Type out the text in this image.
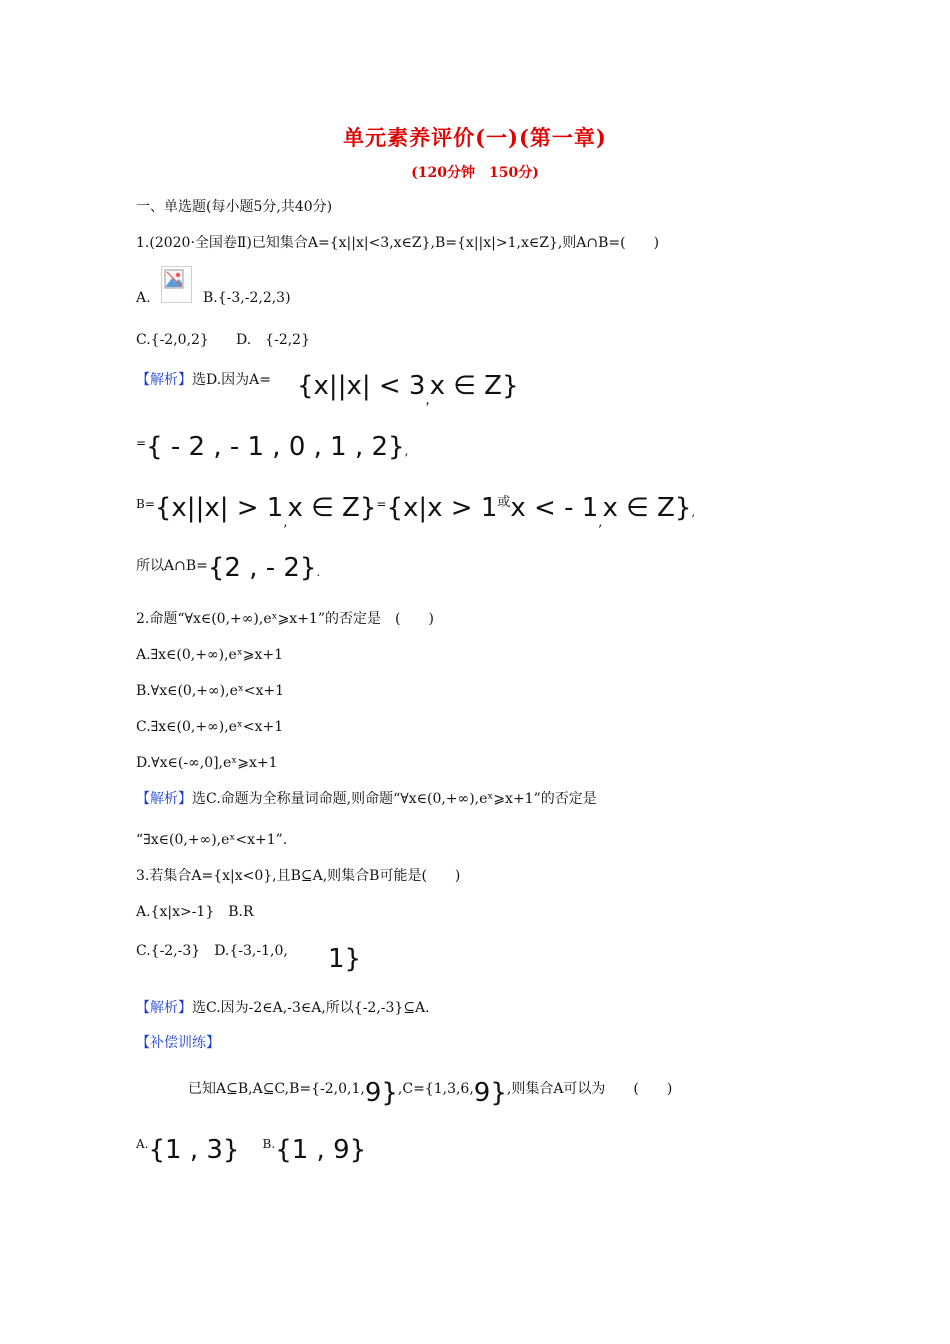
单元素养评价(一)(第一章)
(120分钟　150分)
一、单选题(每小题5分,共40分)
1.(2020·全国卷Ⅱ)已知集合A={x||x|<3,x∈Z},B={x||x|>1,x∈Z},则A∩B=(　　)
A.	B.{-3,-2,2,3)
C.{-2,0,2} D.　{-2,2}
【解析】选D.因为$A= \{x||x| < 3_,x$ ∈ Z}
={ - 2 , - 1 , 0 , 1 , 2},
$^{B=}\{x||x| > 1_,x$ ∈ $Z\}^=\{x|x > 1^或x$ < - $1_,x$ ∈ Z},
所以A∩B={2 , - 2}.
2.命题“∀x∈(0,+∞),eˣ⩾x+1”的否定是　(　　)
A.∃x∈(0,+∞),eˣ⩾x+1
B.∀x∈(0,+∞),eˣ<x+1
C.∃x∈(0,+∞),eˣ<x+1
D.∀x∈(-∞,0],eˣ⩾x+1
【解析】选C.命题为全称量词命题,则命题“∀x∈(0,+∞),eˣ⩾x+1”的否定是
“∃x∈(0,+∞),eˣ<x+1”.
3.若集合A={x|x<0},且B⊆A,则集合B可能是(　　)
A.{x|x>-1}　B.R
C.{-2,-3}　D.{-3,-1,0, 1}
【解析】选C.因为-2∈A,-3∈A,所以{-2,-3}⊆A.
【补偿训练】
已知A⊆B,A⊆C,B={-2,0,1,9},C={1,3,6,9},则集合A可以为　　(　　)
$^{A.}${1 , 3} $^{B.}${1 , 9}
